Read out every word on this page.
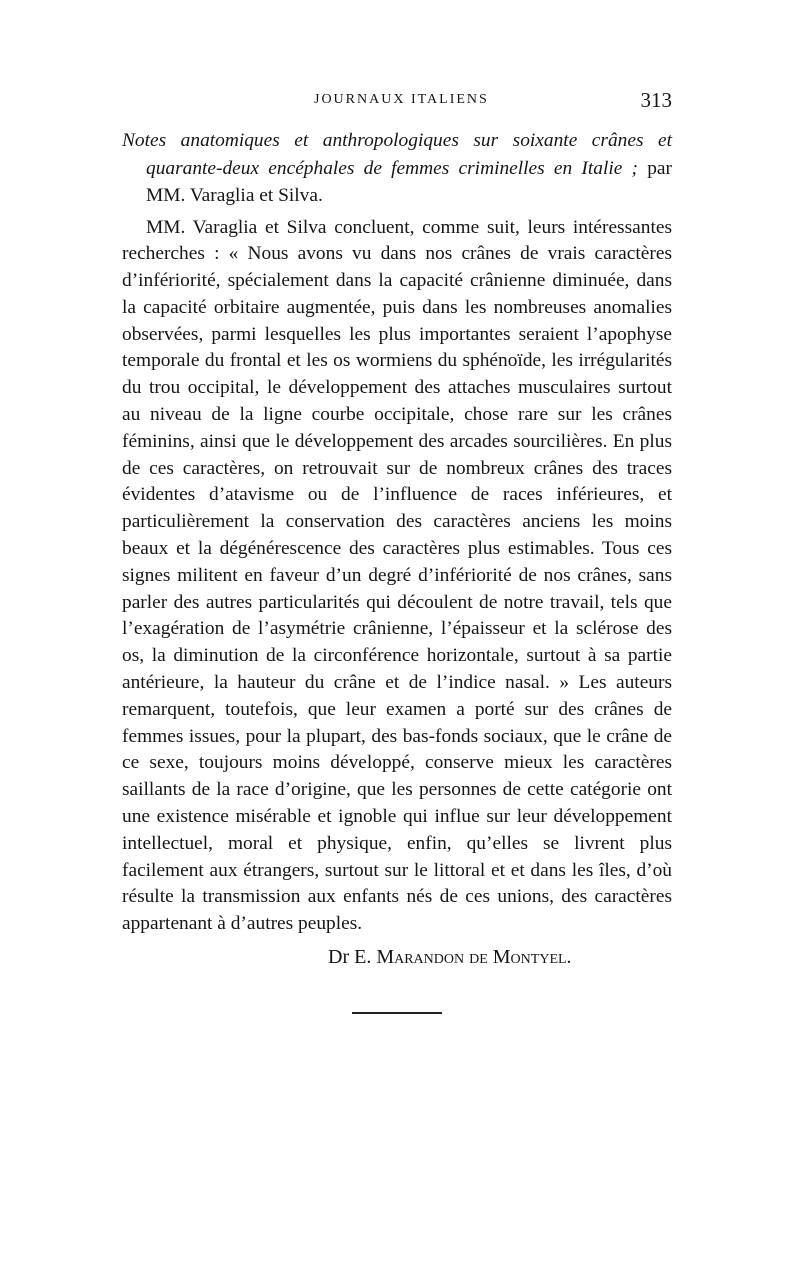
JOURNAUX ITALIENS	313

Notes anatomiques et anthropologiques sur soixante crânes et quarante-deux encéphales de femmes criminelles en Italie ; par MM. Varaglia et Silva.

MM. Varaglia et Silva concluent, comme suit, leurs intéressantes recherches : « Nous avons vu dans nos crânes de vrais caractères d’infériorité, spécialement dans la capacité crânienne diminuée, dans la capacité orbitaire augmentée, puis dans les nombreuses anomalies observées, parmi lesquelles les plus importantes seraient l’apophyse temporale du frontal et les os wormiens du sphénoïde, les irrégularités du trou occipital, le développement des attaches musculaires surtout au niveau de la ligne courbe occipitale, chose rare sur les crânes féminins, ainsi que le développement des arcades sourcilières. En plus de ces caractères, on retrouvait sur de nombreux crânes des traces évidentes d’atavisme ou de l’influence de races inférieures, et particulièrement la conservation des caractères anciens les moins beaux et la dégénérescence des caractères plus estimables. Tous ces signes militent en faveur d’un degré d’infériorité de nos crânes, sans parler des autres particularités qui découlent de notre travail, tels que l’exagération de l’asymétrie crânienne, l’épaisseur et la sclérose des os, la diminution de la circonférence horizontale, surtout à sa partie antérieure, la hauteur du crâne et de l’indice nasal. » Les auteurs remarquent, toutefois, que leur examen a porté sur des crânes de femmes issues, pour la plupart, des bas-fonds sociaux, que le crâne de ce sexe, toujours moins développé, conserve mieux les caractères saillants de la race d’origine, que les personnes de cette catégorie ont une existence misérable et ignoble qui influe sur leur développement intellectuel, moral et physique, enfin, qu’elles se livrent plus facilement aux étrangers, surtout sur le littoral et et dans les îles, d’où résulte la transmission aux enfants nés de ces unions, des caractères appartenant à d’autres peuples.

Dr E. Marandon de Montyel.
